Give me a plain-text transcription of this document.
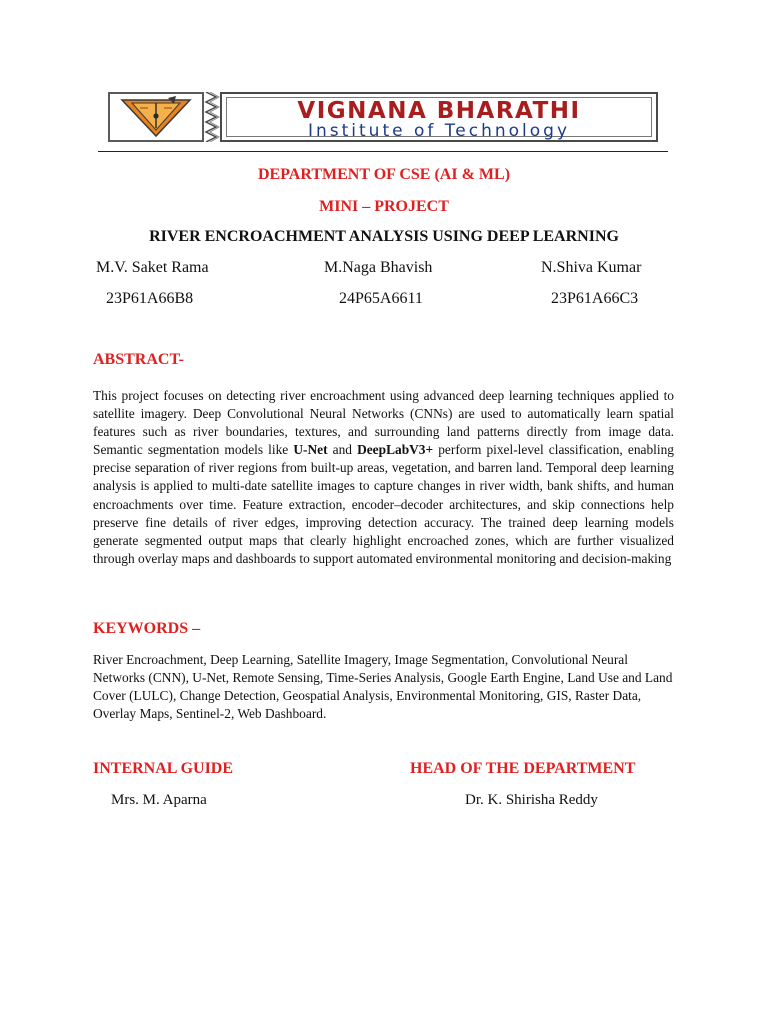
VIGNANA BHARATHI
Institute of Technology
DEPARTMENT OF CSE (AI & ML)
MINI – PROJECT
RIVER ENCROACHMENT ANALYSIS USING DEEP LEARNING
M.V. Saket Rama	M.Naga Bhavish	N.Shiva Kumar
23P61A66B8	24P65A6611	23P61A66C3
ABSTRACT-

This project focuses on detecting river encroachment using advanced deep learning techniques applied to satellite imagery. Deep Convolutional Neural Networks (CNNs) are used to automatically learn spatial features such as river boundaries, textures, and surrounding land patterns directly from image data. Semantic segmentation models like U-Net and DeepLabV3+ perform pixel-level classification, enabling precise separation of river regions from built-up areas, vegetation, and barren land. Temporal deep learning analysis is applied to multi-date satellite images to capture changes in river width, bank shifts, and human encroachments over time. Feature extraction, encoder–decoder architectures, and skip connections help preserve fine details of river edges, improving detection accuracy. The trained deep learning models generate segmented output maps that clearly highlight encroached zones, which are further visualized through overlay maps and dashboards to support automated environmental monitoring and decision-making

KEYWORDS –

River Encroachment, Deep Learning, Satellite Imagery, Image Segmentation, Convolutional Neural Networks (CNN), U-Net, Remote Sensing, Time-Series Analysis, Google Earth Engine, Land Use and Land Cover (LULC), Change Detection, Geospatial Analysis, Environmental Monitoring, GIS, Raster Data, Overlay Maps, Sentinel-2, Web Dashboard.

INTERNAL GUIDE	HEAD OF THE DEPARTMENT
Mrs. M. Aparna	Dr. K. Shirisha Reddy
